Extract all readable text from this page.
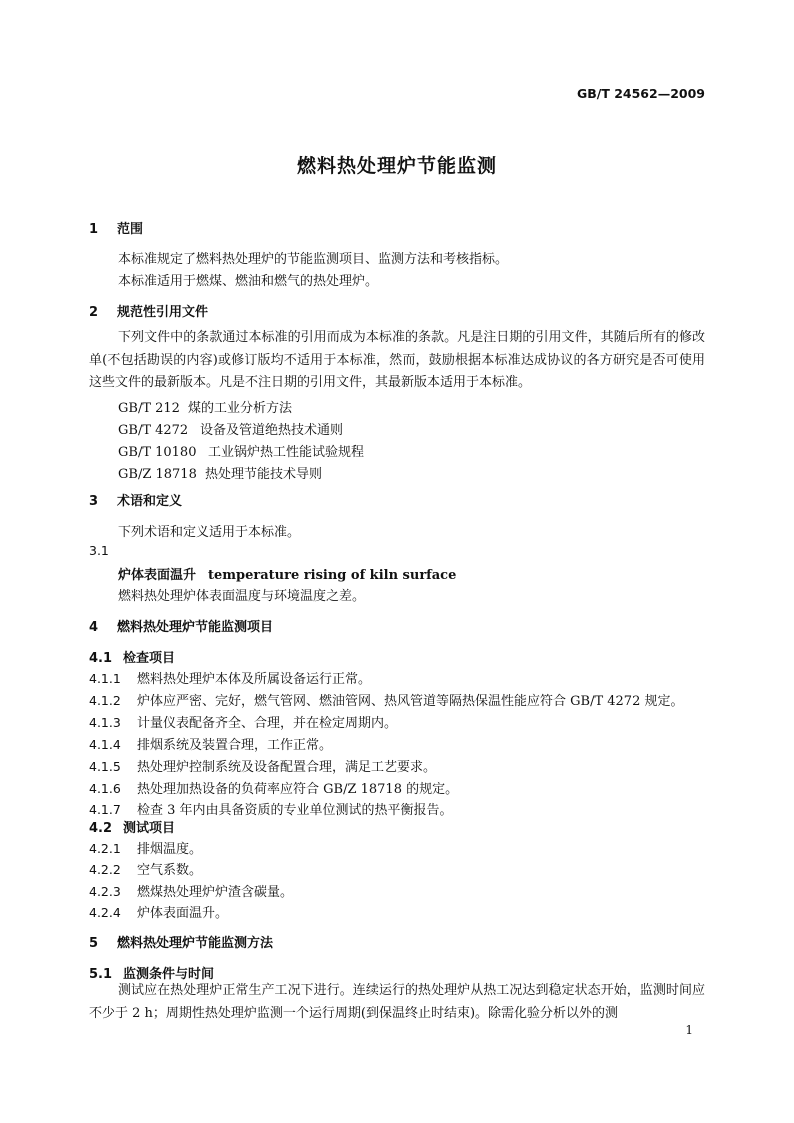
GB/T 24562—2009
燃料热处理炉节能监测
1 范围
本标准规定了燃料热处理炉的节能监测项目、监测方法和考核指标。
本标准适用于燃煤、燃油和燃气的热处理炉。
2 规范性引用文件
下列文件中的条款通过本标准的引用而成为本标准的条款。凡是注日期的引用文件，其随后所有的修改单(不包括勘误的内容)或修订版均不适用于本标准，然而，鼓励根据本标准达成协议的各方研究是否可使用这些文件的最新版本。凡是不注日期的引用文件，其最新版本适用于本标准。
GB/T 212 煤的工业分析方法
GB/T 4272 设备及管道绝热技术通则
GB/T 10180 工业锅炉热工性能试验规程
GB/Z 18718 热处理节能技术导则
3 术语和定义
下列术语和定义适用于本标准。
3.1
炉体表面温升 temperature rising of kiln surface
燃料热处理炉体表面温度与环境温度之差。
4 燃料热处理炉节能监测项目
4.1 检查项目
4.1.1 燃料热处理炉本体及所属设备运行正常。
4.1.2 炉体应严密、完好，燃气管网、燃油管网、热风管道等隔热保温性能应符合 GB/T 4272 规定。
4.1.3 计量仪表配备齐全、合理，并在检定周期内。
4.1.4 排烟系统及装置合理，工作正常。
4.1.5 热处理炉控制系统及设备配置合理，满足工艺要求。
4.1.6 热处理加热设备的负荷率应符合 GB/Z 18718 的规定。
4.1.7 检查 3 年内由具备资质的专业单位测试的热平衡报告。
4.2 测试项目
4.2.1 排烟温度。
4.2.2 空气系数。
4.2.3 燃煤热处理炉炉渣含碳量。
4.2.4 炉体表面温升。
5 燃料热处理炉节能监测方法
5.1 监测条件与时间
测试应在热处理炉正常生产工况下进行。连续运行的热处理炉从热工况达到稳定状态开始，监测时间应不少于 2 h；周期性热处理炉监测一个运行周期(到保温终止时结束)。除需化验分析以外的测
1
